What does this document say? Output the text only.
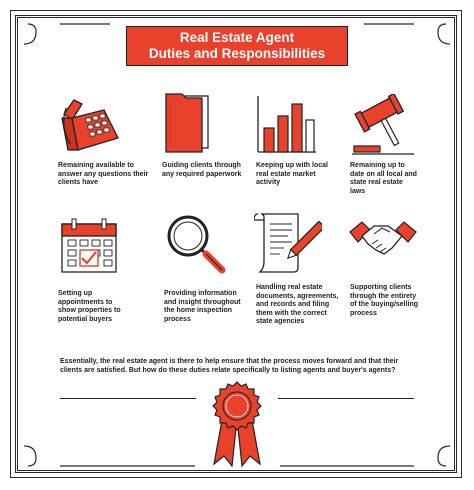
Real Estate Agent
Duties and Responsibilities
Remaining available to answer any questions their clients have
Guiding clients through any required paperwork
Keeping up with local real estate market activity
Remaining up to date on all local and state real estate laws
Setting up appointments to show properties to potential buyers
Providing information and insight throughout the home inspection process
Handling real estate documents, agreements, and records and filing them with the correct state agencies
Supporting clients through the entirety of the buying/selling process
Essentially, the real estate agent is there to help ensure that the process moves forward and that their clients are satisfied. But how do these duties relate specifically to listing agents and buyer's agents?
